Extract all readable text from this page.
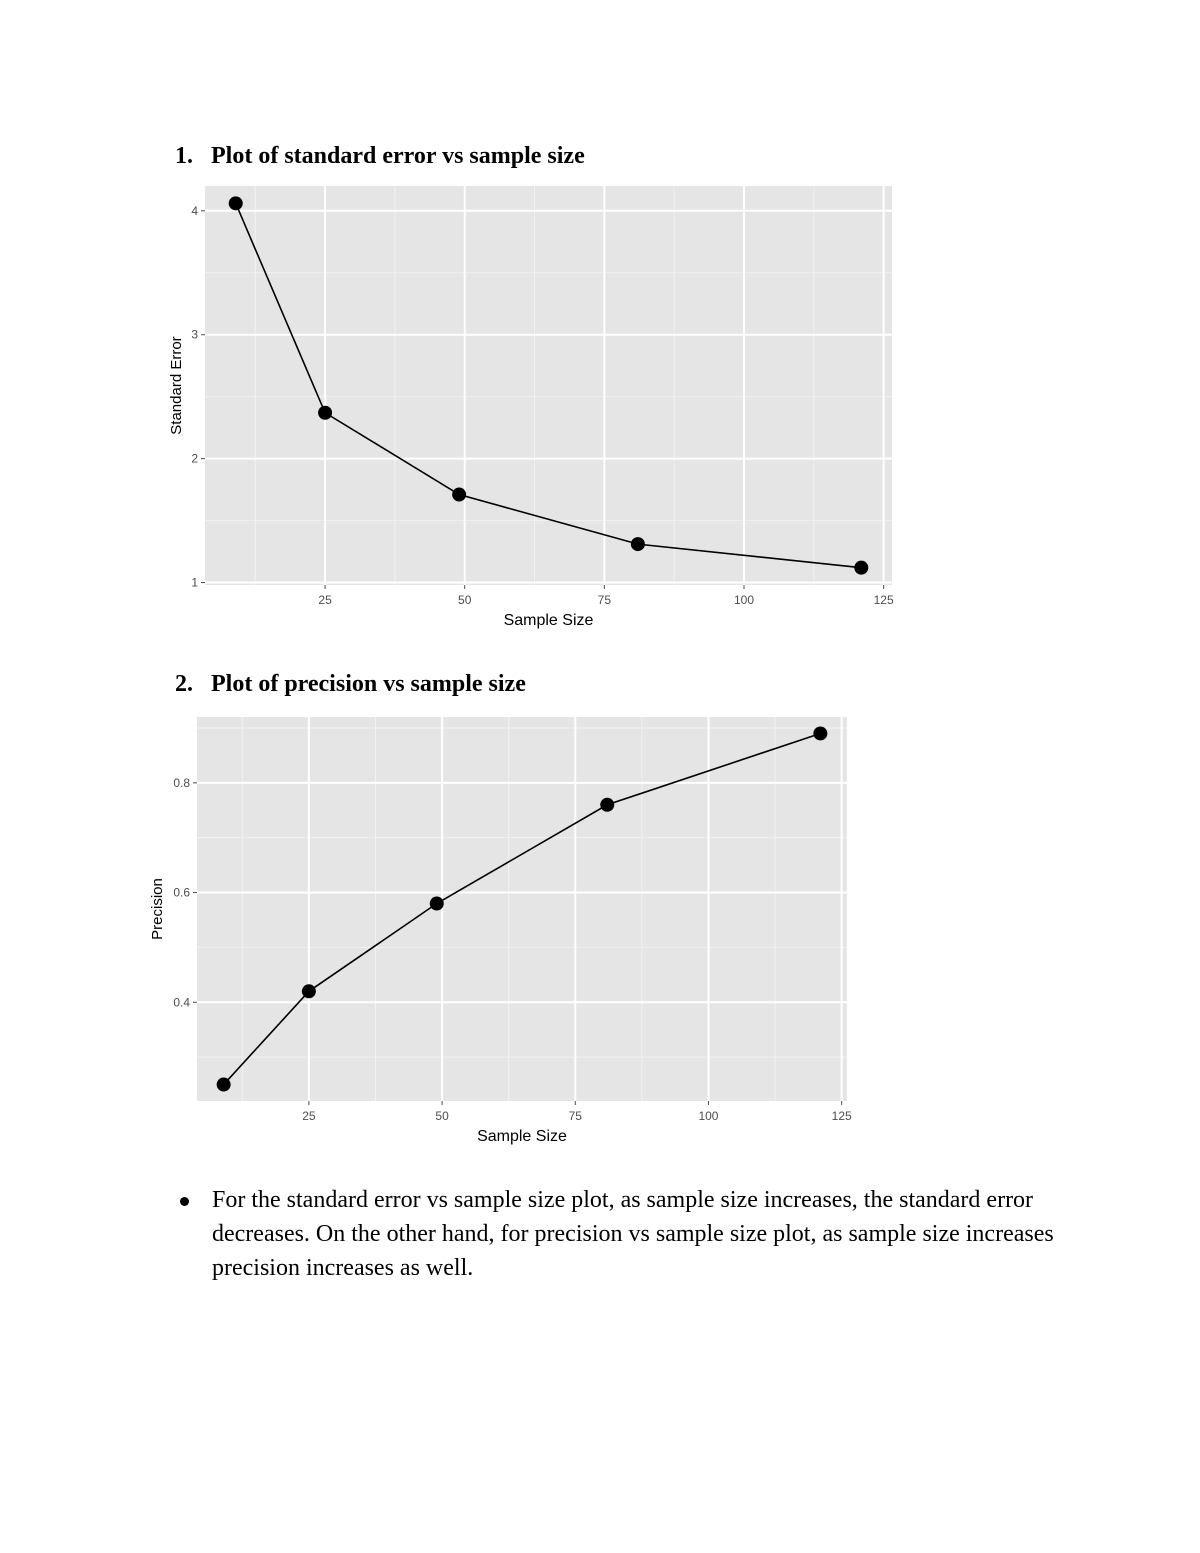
1. Plot of standard error vs sample size
25	50	75	100	125
1
2
3
4
Sample Size
Standard Error
2. Plot of precision vs sample size
25	50	75	100	125
0.4
0.6
0.8
Sample Size
Precision
For the standard error vs sample size plot, as sample size increases, the standard error decreases. On the other hand, for precision vs sample size plot, as sample size increases precision increases as well.
